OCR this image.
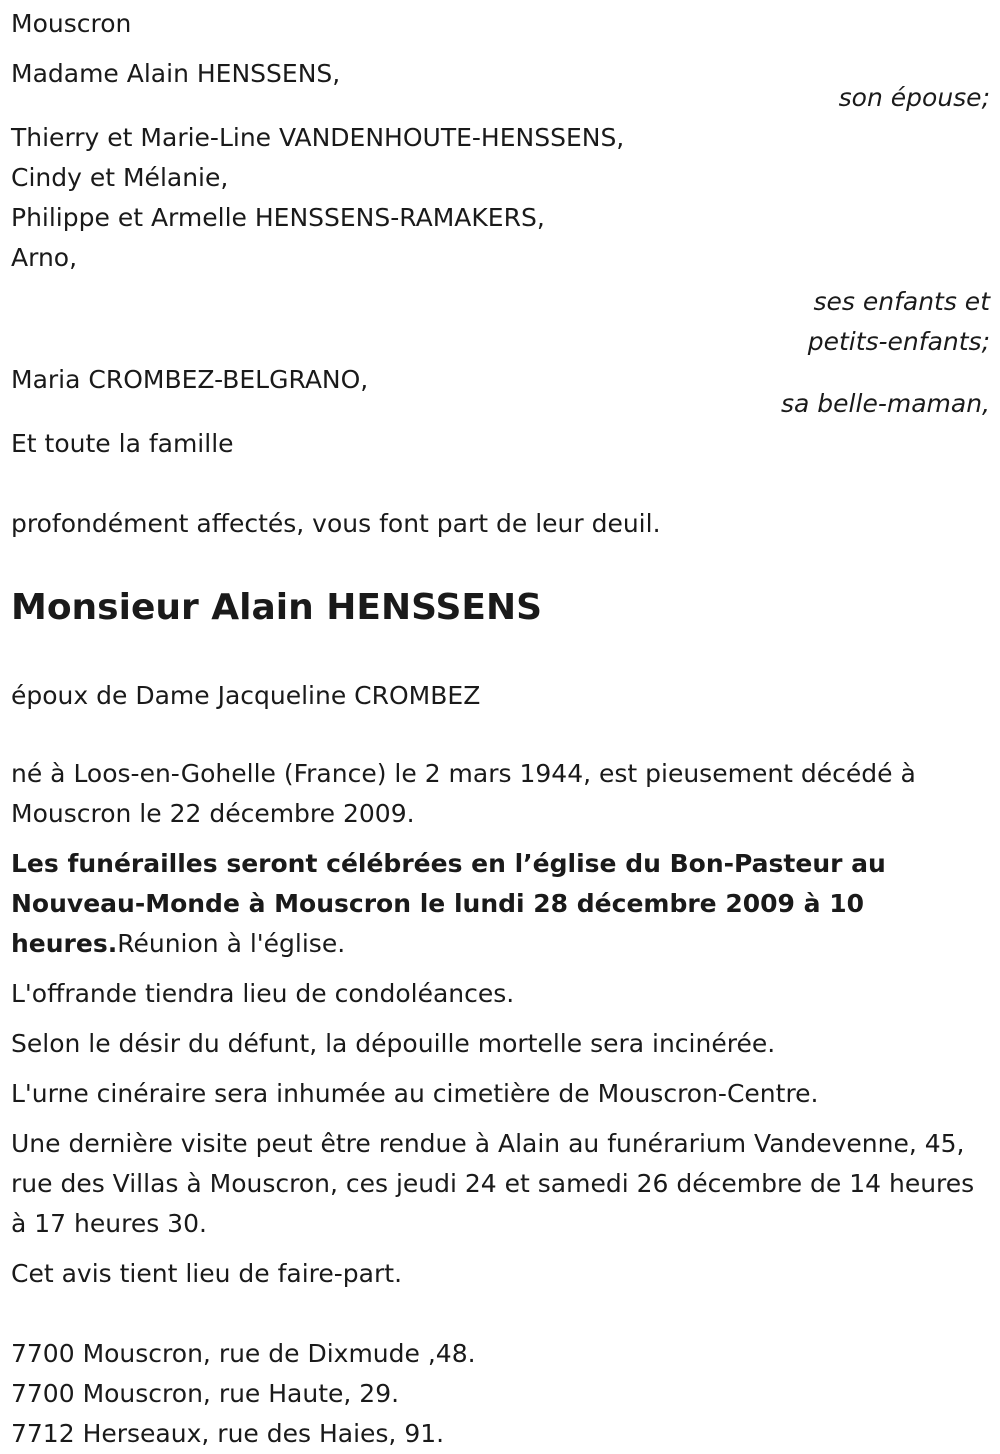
Mouscron
Madame Alain HENSSENS,
son épouse;
Thierry et Marie-Line VANDENHOUTE-HENSSENS,
Cindy et Mélanie,
Philippe et Armelle HENSSENS-RAMAKERS,
Arno,
ses enfants et
petits-enfants;
Maria CROMBEZ-BELGRANO,
sa belle-maman,
Et toute la famille
profondément affectés, vous font part de leur deuil.
Monsieur Alain HENSSENS
époux de Dame Jacqueline CROMBEZ
né à Loos-en-Gohelle (France) le 2 mars 1944, est pieusement décédé à Mouscron le 22 décembre 2009.
Les funérailles seront célébrées en l’église du Bon-Pasteur au Nouveau-Monde à Mouscron le lundi 28 décembre 2009 à 10 heures.Réunion à l'église.
L'offrande tiendra lieu de condoléances.
Selon le désir du défunt, la dépouille mortelle sera incinérée.
L'urne cinéraire sera inhumée au cimetière de Mouscron-Centre.
Une dernière visite peut être rendue à Alain au funérarium Vandevenne, 45, rue des Villas à Mouscron, ces jeudi 24 et samedi 26 décembre de 14 heures à 17 heures 30.
Cet avis tient lieu de faire-part.
7700 Mouscron, rue de Dixmude ,48.
7700 Mouscron, rue Haute, 29.
7712 Herseaux, rue des Haies, 91.
